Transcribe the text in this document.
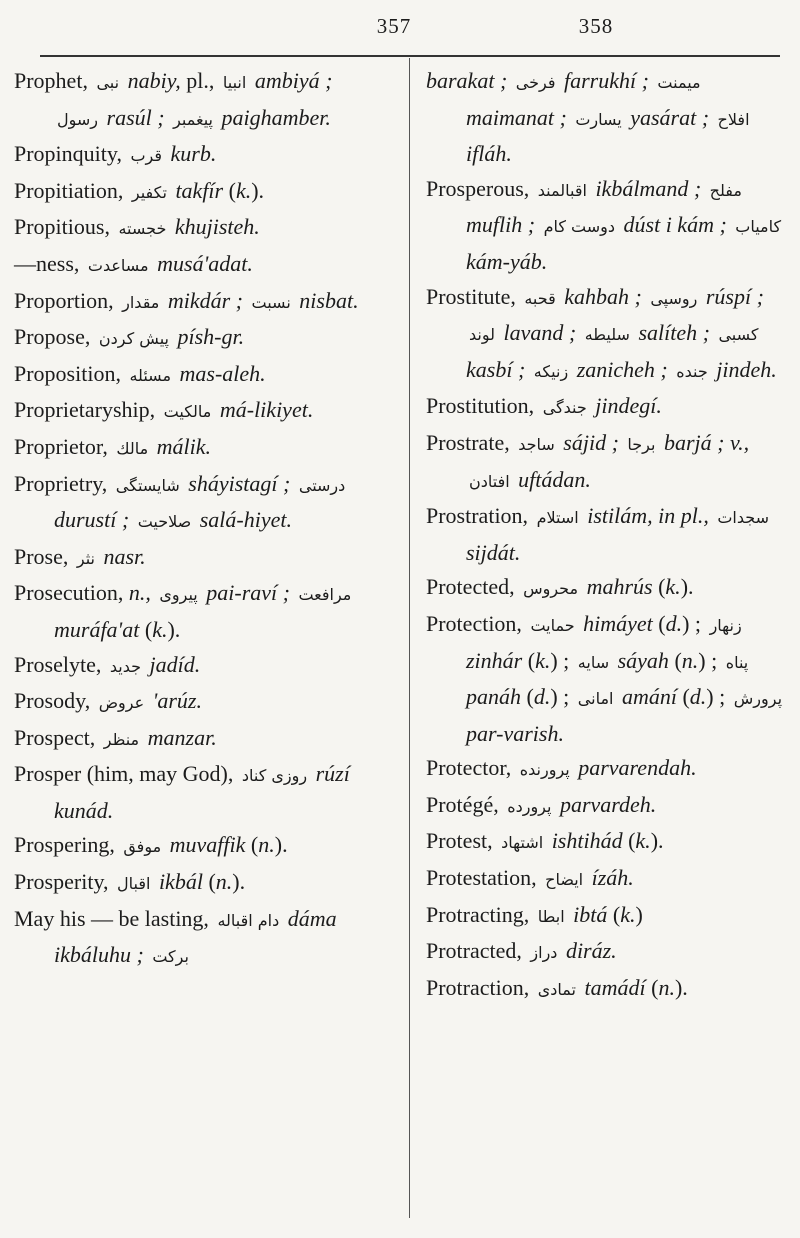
357	358

Prophet, نبى nabiy, pl., انبيا ambiyá ; رسول rasúl ; پيغمبر paighamber.

Propinquity, قرب kurb.

Propitiation, تكفير takfír (k.).

Propitious, خجسته khujisteh.

—ness, مساعدت musá'adat.

Proportion, مقدار mikdár ; نسبت nisbat.

Propose, پيش كردن písh-gr.

Proposition, مسئله mas-aleh.

Proprietaryship, مالكيت má-likiyet.

Proprietor, مالك málik.

Proprietry, شايستگى sháyistagí ; درستى durustí ; صلاحيت salá-hiyet.

Prose, نثر nasr.

Prosecution, n., پيروى pai-raví ; مرافعت muráfa'at (k.).

Proselyte, جديد jadíd.

Prosody, عروض 'arúz.

Prospect, منظر manzar.

Prosper (him, may God), روزى كناد rúzí kunád.

Prospering, موفق muvaffik (n.).

Prosperity, اقبال ikbál (n.).

May his — be lasting, دام اقباله dáma ikbáluhu ; بركت

barakat ; فرخى farrukhí ; ميمنت maimanat ; يسارت yasárat ; افلاح ifláh.

Prosperous, اقبالمند ikbálmand ; مفلح muflih ; دوست كام dúst i kám ; كامياب kám-yáb.

Prostitute, قحبه kahbah ; روسپى rúspí ; لوند lavand ; سليطه salíteh ; كسبى kasbí ; زنيكه zanicheh ; جنده jindeh.

Prostitution, جندگى jindegí.

Prostrate, ساجد sájid ; برجا barjá ; v., افتادن uftádan.

Prostration, استلام istilám, in pl., سجدات sijdát.

Protected, محروس mahrús (k.).

Protection, حمايت himáyet (d.) ; زنهار zinhár (k.) ; سايه sáyah (n.) ; پناه panáh (d.) ; امانى amání (d.) ; پرورش par-varish.

Protector, پرورنده parvarendah.

Protégé, پرورده parvardeh.

Protest, اشتهاد ishtihád (k.).

Protestation, ايضاح ízáh.

Protracting, ابطا ibtá (k.)

Protracted, دراز diráz.

Protraction, تمادى tamádí (n.).
